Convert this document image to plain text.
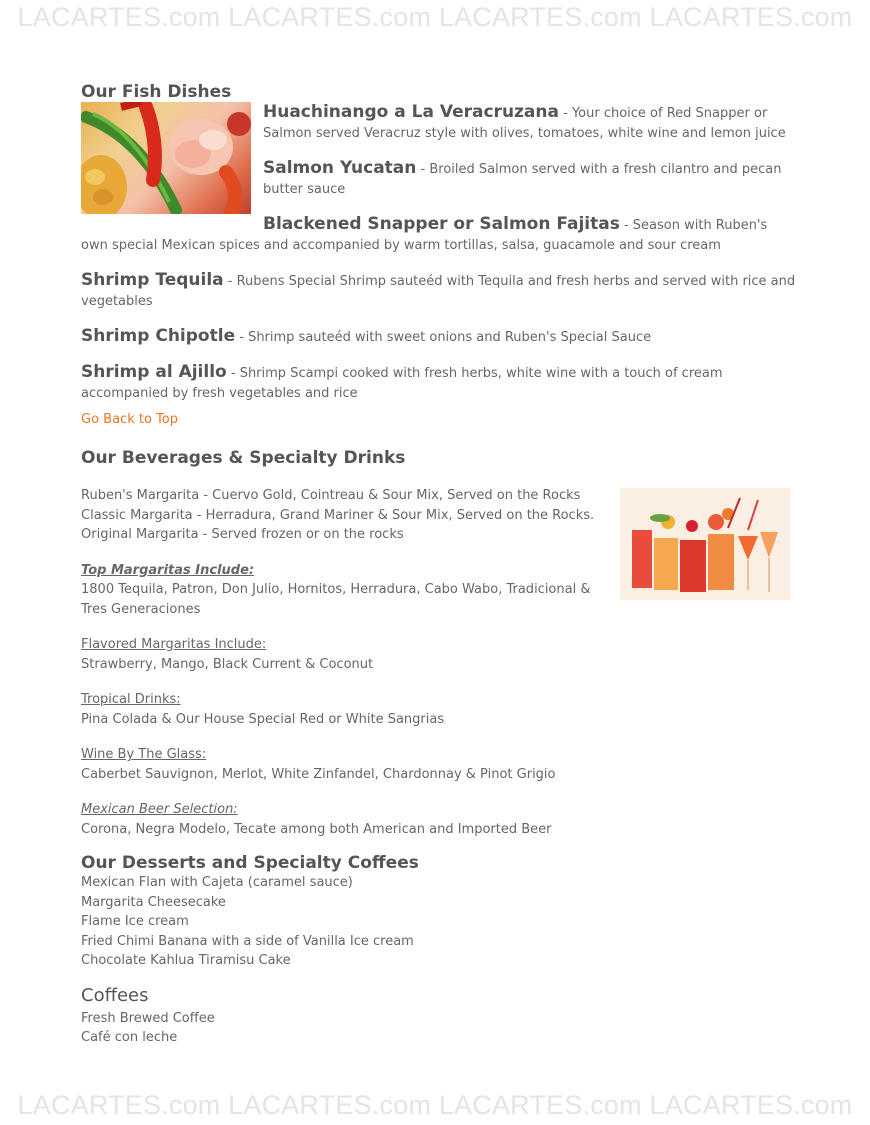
LACARTES.com LACARTES.com LACARTES.com LACARTES.com
Our Fish Dishes
Huachinango a La Veracruzana - Your choice of Red Snapper or Salmon served Veracruz style with olives, tomatoes, white wine and lemon juice
Salmon Yucatan - Broiled Salmon served with a fresh cilantro and pecan butter sauce
Blackened Snapper or Salmon Fajitas - Season with Ruben's own special Mexican spices and accompanied by warm tortillas, salsa, guacamole and sour cream
Shrimp Tequila - Rubens Special Shrimp sauteéd with Tequila and fresh herbs and served with rice and vegetables
Shrimp Chipotle - Shrimp sauteéd with sweet onions and Ruben's Special Sauce
Shrimp al Ajillo - Shrimp Scampi cooked with fresh herbs, white wine with a touch of cream accompanied by fresh vegetables and rice
Go Back to Top
Our Beverages & Specialty Drinks
Ruben's Margarita - Cuervo Gold, Cointreau & Sour Mix, Served on the Rocks
Classic Margarita - Herradura, Grand Mariner & Sour Mix, Served on the Rocks.
Original Margarita - Served frozen or on the rocks
Top Margaritas Include:
1800 Tequila, Patron, Don Julio, Hornitos, Herradura, Cabo Wabo, Tradicional & Tres Generaciones
Flavored Margaritas Include:
Strawberry, Mango, Black Current & Coconut
Tropical Drinks:
Pina Colada & Our House Special Red or White Sangrias
Wine By The Glass:
Caberbet Sauvignon, Merlot, White Zinfandel, Chardonnay & Pinot Grigio
Mexican Beer Selection:
Corona, Negra Modelo, Tecate among both American and Imported Beer
Our Desserts and Specialty Coffees
Mexican Flan with Cajeta (caramel sauce)
Margarita Cheesecake
Flame Ice cream
Fried Chimi Banana with a side of Vanilla Ice cream
Chocolate Kahlua Tiramisu Cake
Coffees
Fresh Brewed Coffee
Café con leche
LACARTES.com LACARTES.com LACARTES.com LACARTES.com
